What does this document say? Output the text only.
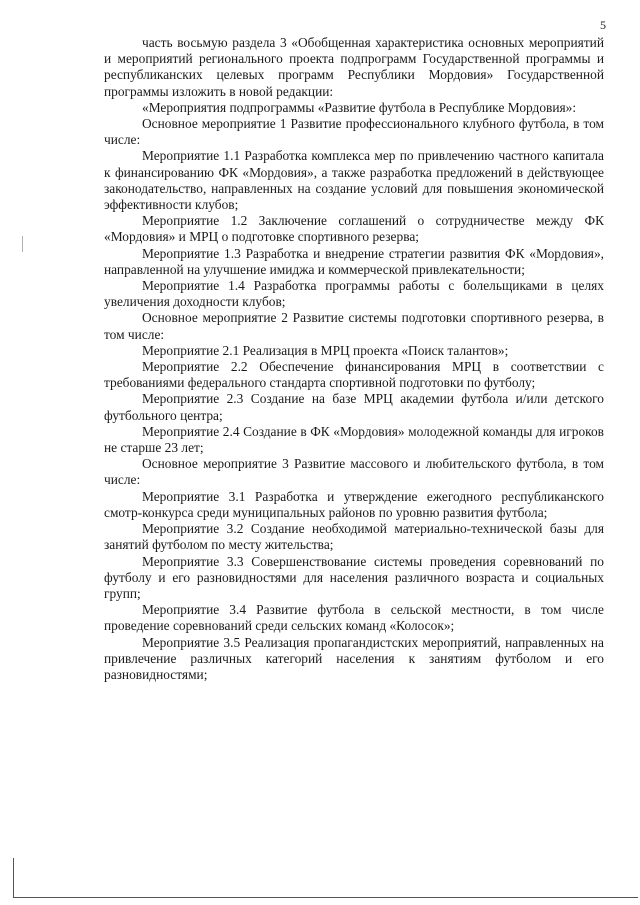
5

часть восьмую раздела 3 «Обобщенная характеристика основных мероприятий и мероприятий регионального проекта подпрограмм Государственной программы и республиканских целевых программ Республики Мордовия» Государственной программы изложить в новой редакции:

«Мероприятия подпрограммы «Развитие футбола в Республике Мордовия»:

Основное мероприятие 1 Развитие профессионального клубного футбола, в том числе:

Мероприятие 1.1 Разработка комплекса мер по привлечению частного капитала к финансированию ФК «Мордовия», а также разработка предложений в действующее законодательство, направленных на создание условий для повышения экономической эффективности клубов;

Мероприятие 1.2 Заключение соглашений о сотрудничестве между ФК «Мордовия» и МРЦ о подготовке спортивного резерва;

Мероприятие 1.3 Разработка и внедрение стратегии развития ФК «Мордовия», направленной на улучшение имиджа и коммерческой привлекательности;

Мероприятие 1.4 Разработка программы работы с болельщиками в целях увеличения доходности клубов;

Основное мероприятие 2 Развитие системы подготовки спортивного резерва, в том числе:

Мероприятие 2.1 Реализация в МРЦ проекта «Поиск талантов»;

Мероприятие 2.2 Обеспечение финансирования МРЦ в соответствии с требованиями федерального стандарта спортивной подготовки по футболу;

Мероприятие 2.3 Создание на базе МРЦ академии футбола и/или детского футбольного центра;

Мероприятие 2.4 Создание в ФК «Мордовия» молодежной команды для игроков не старше 23 лет;

Основное мероприятие 3 Развитие массового и любительского футбола, в том числе:

Мероприятие 3.1 Разработка и утверждение ежегодного республиканского смотр-конкурса среди муниципальных районов по уровню развития футбола;

Мероприятие 3.2 Создание необходимой материально-технической базы для занятий футболом по месту жительства;

Мероприятие 3.3 Совершенствование системы проведения соревнований по футболу и его разновидностями для населения различного возраста и социальных групп;

Мероприятие 3.4 Развитие футбола в сельской местности, в том числе проведение соревнований среди сельских команд «Колосок»;

Мероприятие 3.5 Реализация пропагандистских мероприятий, направленных на привлечение различных категорий населения к занятиям футболом и его разновидностями;
